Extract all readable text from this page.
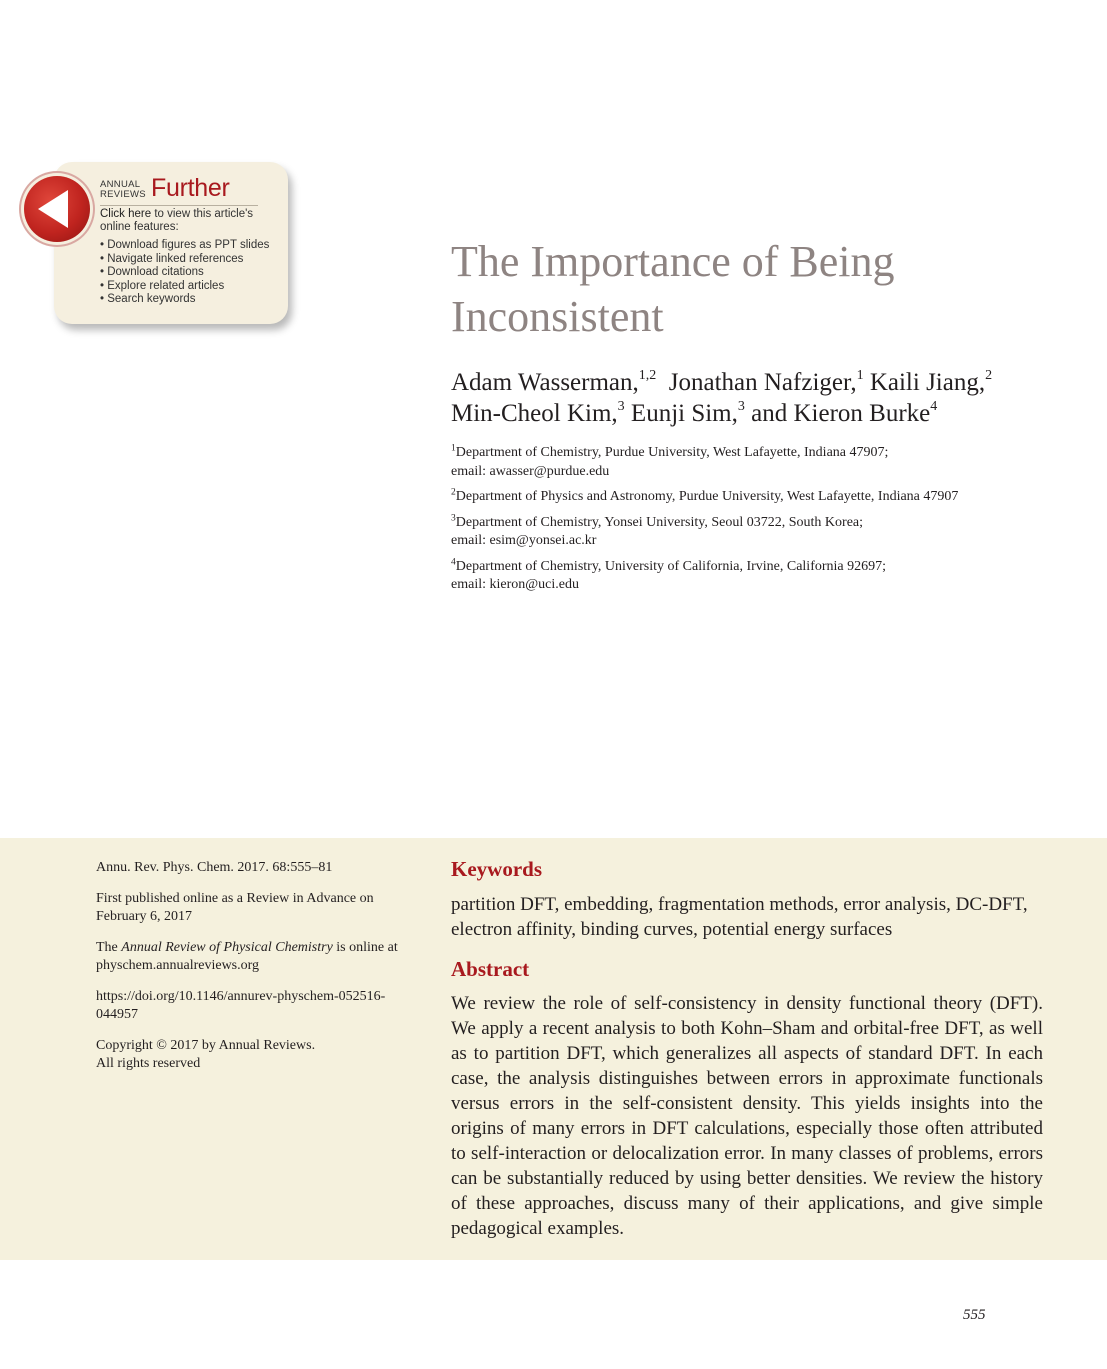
ANNUAL
REVIEWS Further
Click here to view this article's online features:
• Download figures as PPT slides
• Navigate linked references
• Download citations
• Explore related articles
• Search keywords
The Importance of Being
Inconsistent
Adam Wasserman,$^{1,2}$ Jonathan Nafziger,$^1$ Kaili Jiang,$^2$
Min-Cheol Kim,$^3$ Eunji Sim,$^3$ and Kieron Burke$^4$
$^1$Department of Chemistry, Purdue University, West Lafayette, Indiana 47907;
email: awasser@purdue.edu
$^2$Department of Physics and Astronomy, Purdue University, West Lafayette, Indiana 47907
$^3$Department of Chemistry, Yonsei University, Seoul 03722, South Korea;
email: esim@yonsei.ac.kr
$^4$Department of Chemistry, University of California, Irvine, California 92697;
email: kieron@uci.edu

Annu. Rev. Phys. Chem. 2017. 68:555–81

First published online as a Review in Advance on February 6, 2017

The Annual Review of Physical Chemistry is online at physchem.annualreviews.org

https://doi.org/10.1146/annurev-physchem-052516-044957

Copyright © 2017 by Annual Reviews.
All rights reserved

Keywords

partition DFT, embedding, fragmentation methods, error analysis, DC-DFT, electron affinity, binding curves, potential energy surfaces

Abstract

We review the role of self-consistency in density functional theory (DFT). We apply a recent analysis to both Kohn–Sham and orbital-free DFT, as well as to partition DFT, which generalizes all aspects of standard DFT. In each case, the analysis distinguishes between errors in approximate functionals versus errors in the self-consistent density. This yields insights into the origins of many errors in DFT calculations, especially those often attributed to self-interaction or delocalization error. In many classes of problems, errors can be substantially reduced by using better densities. We review the history of these approaches, discuss many of their applications, and give simple pedagogical examples.

555
